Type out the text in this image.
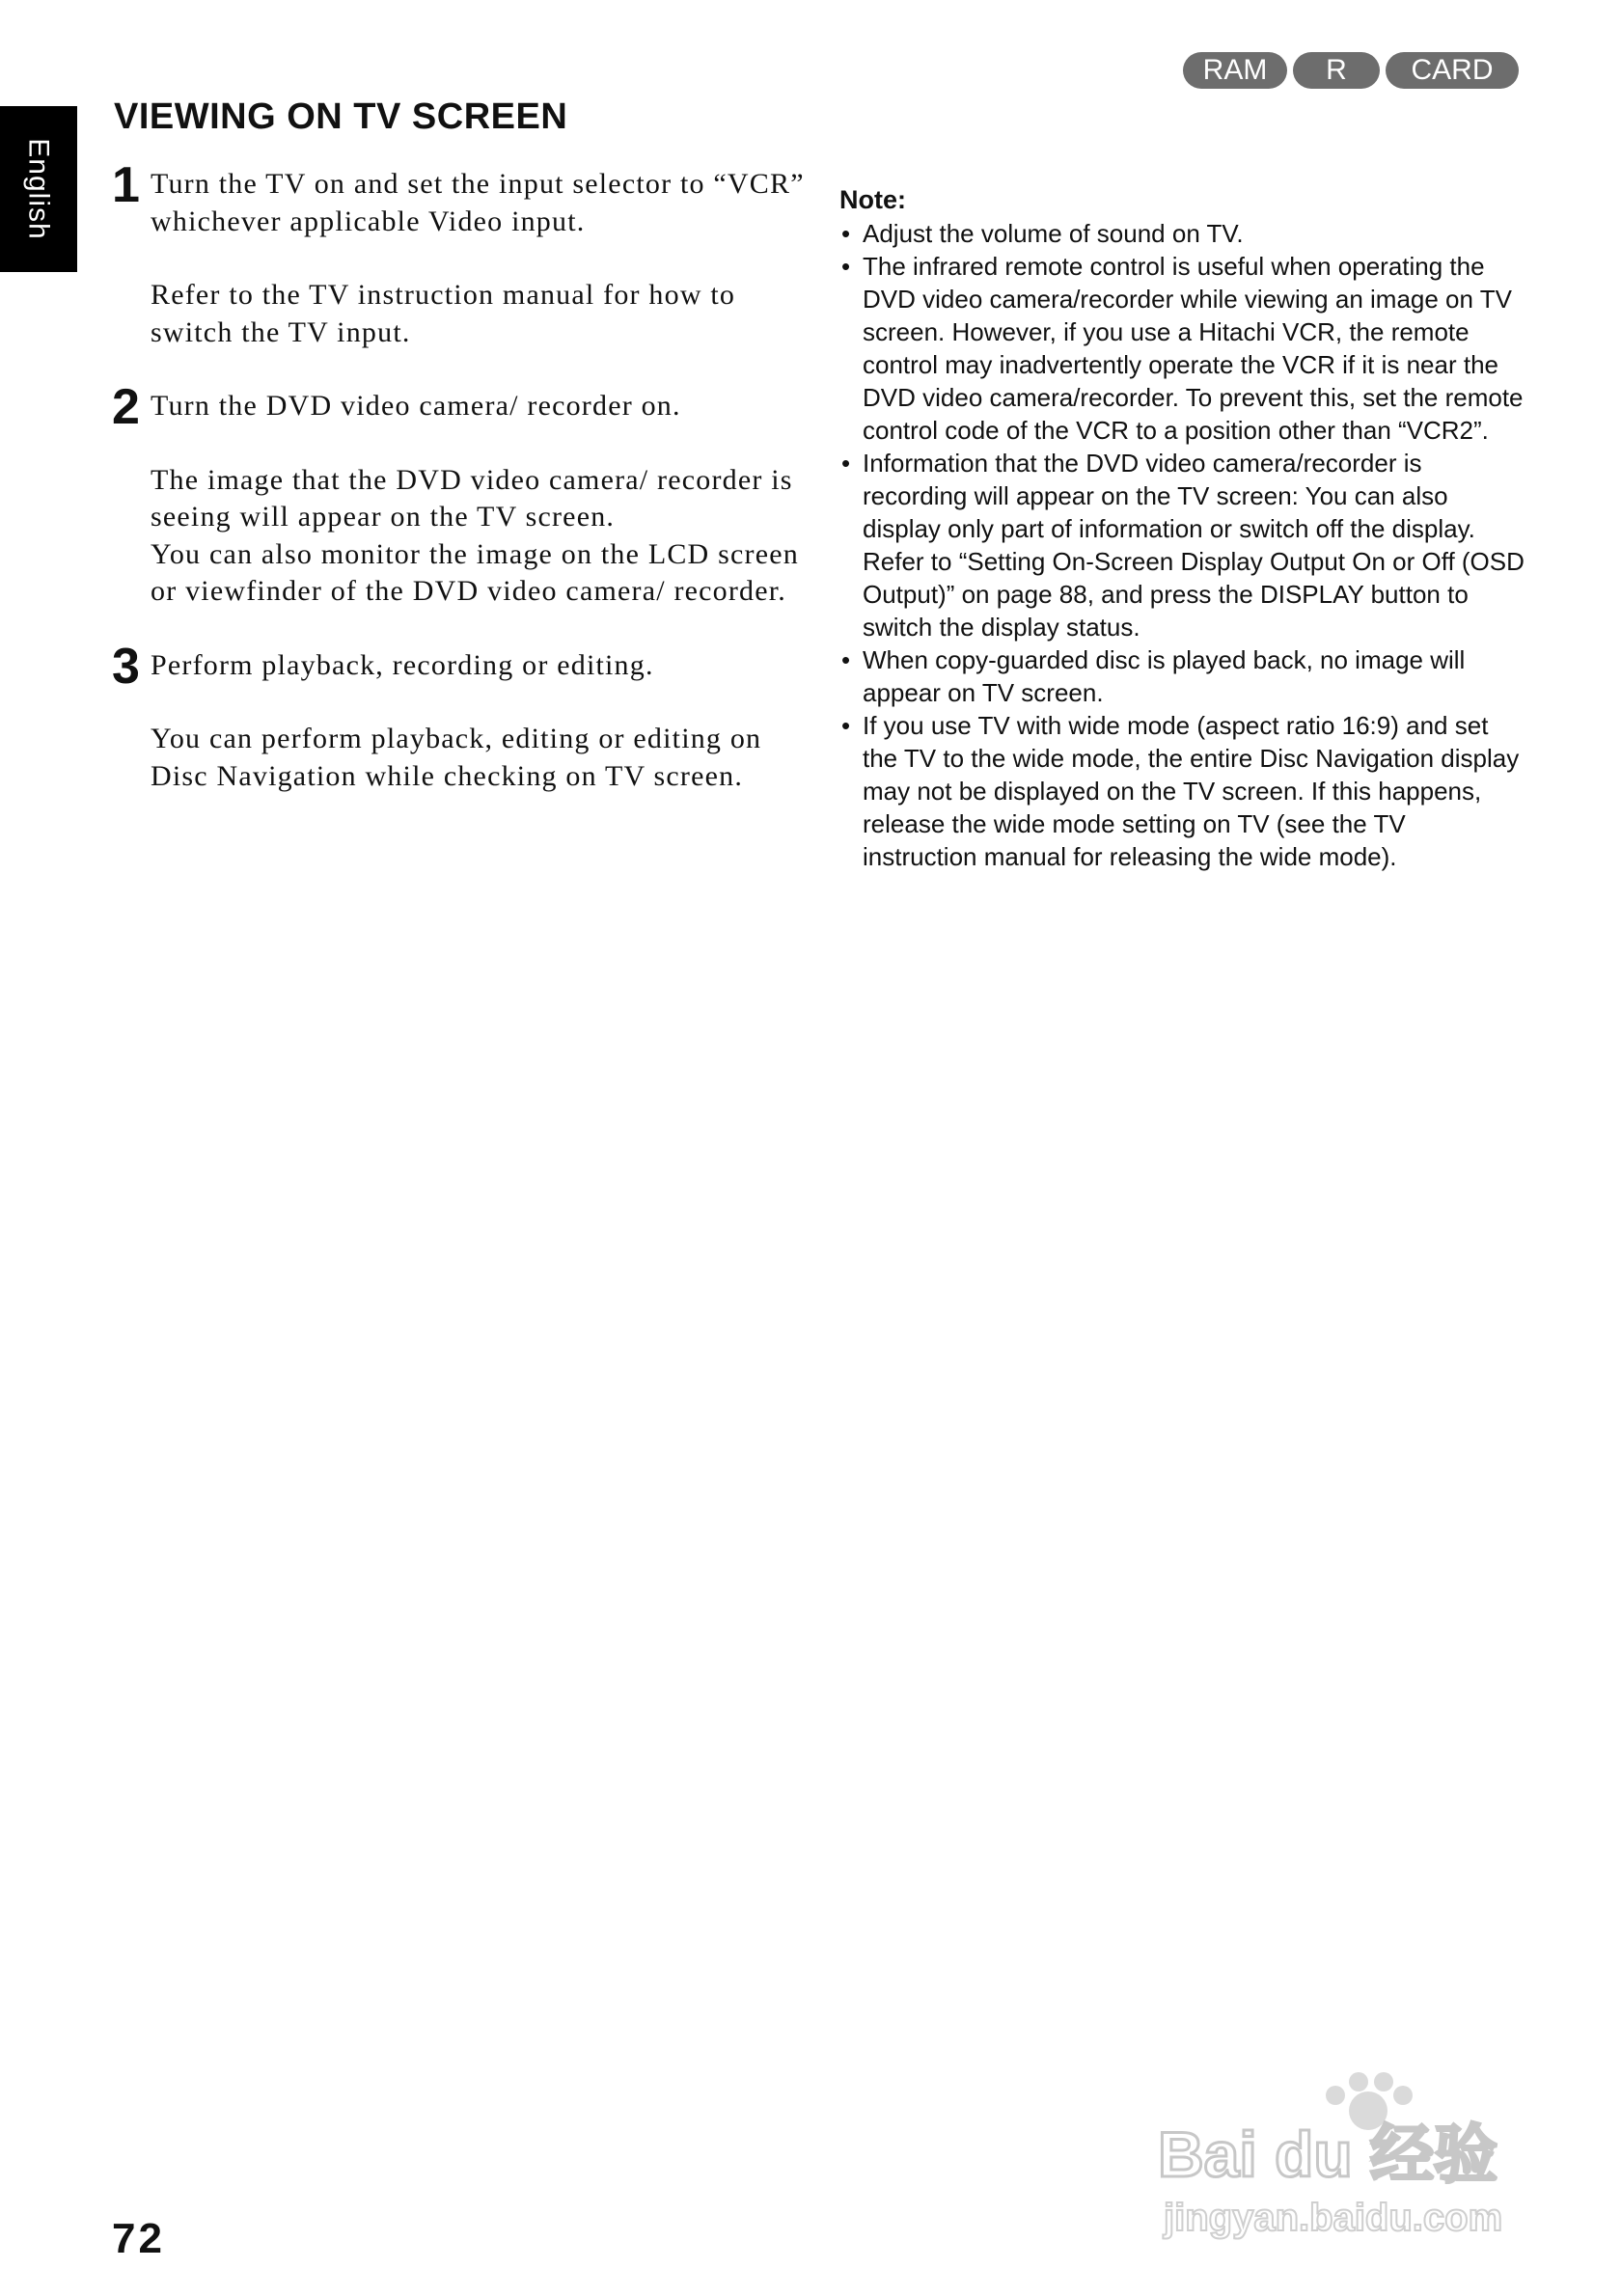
English
RAM	R	CARD
VIEWING ON TV SCREEN
1 Turn the TV on and set the input selector to “VCR” whichever applicable Video input.

Refer to the TV instruction manual for how to switch the TV input.

2 Turn the DVD video camera/ recorder on.

The image that the DVD video camera/ recorder is seeing will appear on the TV screen.
You can also monitor the image on the LCD screen or viewfinder of the DVD video camera/ recorder.

3 Perform playback, recording or editing.

You can perform playback, editing or editing on Disc Navigation while checking on TV screen.

Note:

• Adjust the volume of sound on TV.
• The infrared remote control is useful when operating the DVD video camera/recorder while viewing an image on TV screen. However, if you use a Hitachi VCR, the remote control may inadvertently operate the VCR if it is near the DVD video camera/recorder. To prevent this, set the remote control code of the VCR to a position other than “VCR2”.
• Information that the DVD video camera/recorder is recording will appear on the TV screen: You can also display only part of information or switch off the display. Refer to “Setting On-Screen Display Output On or Off (OSD Output)” on page 88, and press the DISPLAY button to switch the display status.
• When copy-guarded disc is played back, no image will appear on TV screen.
• If you use TV with wide mode (aspect ratio 16:9) and set the TV to the wide mode, the entire Disc Navigation display may not be displayed on the TV screen. If this happens, release the wide mode setting on TV (see the TV instruction manual for releasing the wide mode).
72
Bai du 经验
jingyan.baidu.com
